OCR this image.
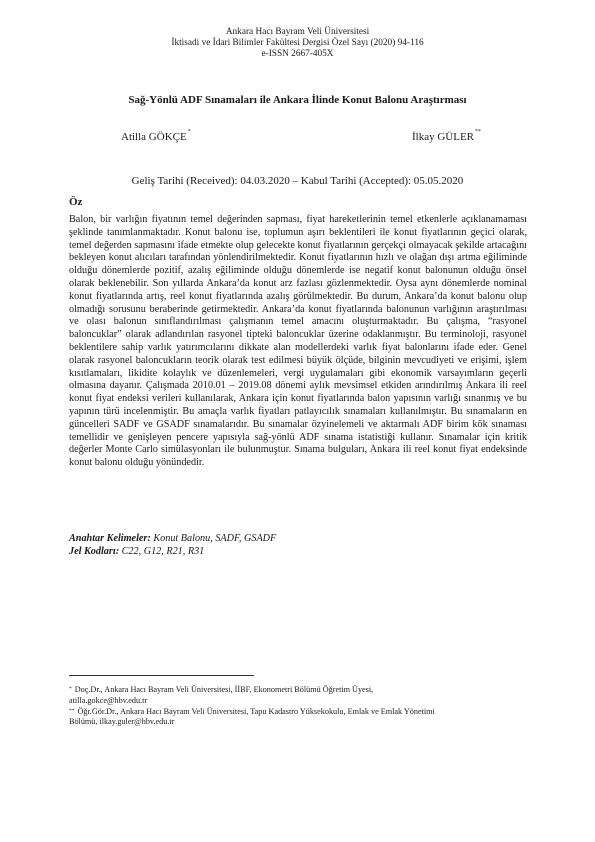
Ankara Hacı Bayram Veli Üniversitesi
İktisadi ve İdari Bilimler Fakültesi Dergisi Özel Sayı (2020) 94-116
e-ISSN 2667-405X
Sağ-Yönlü ADF Sınamaları ile Ankara İlinde Konut Balonu Araştırması
Atilla GÖKÇE*	İlkay GÜLER**
Geliş Tarihi (Received): 04.03.2020 – Kabul Tarihi (Accepted): 05.05.2020
Öz
Balon, bir varlığın fiyatının temel değerinden sapması, fiyat hareketlerinin temel etkenlerle açıklanamaması şeklinde tanımlanmaktadır. Konut balonu ise, toplumun aşırı beklentileri ile konut fiyatlarının geçici olarak, temel değerden sapmasını ifade etmekte olup gelecekte konut fiyatlarının gerçekçi olmayacak şekilde artacağını bekleyen konut alıcıları tarafından yönlendirilmektedir. Konut fiyatlarının hızlı ve olağan dışı artma eğiliminde olduğu dönemlerde pozitif, azalış eğiliminde olduğu dönemlerde ise negatif konut balonunun olduğu önsel olarak beklenebilir. Son yıllarda Ankara’da konut arz fazlası gözlenmektedir. Oysa aynı dönemlerde nominal konut fiyatlarında artış, reel konut fiyatlarında azalış görülmektedir. Bu durum, Ankara’da konut balonu olup olmadığı sorusunu beraberinde getirmektedir. Ankara’da konut fiyatlarında balonunun varlığının araştırılması ve olası balonun sınıflandırılması çalışmanın temel amacını oluşturmaktadır. Bu çalışma, “rasyonel baloncuklar” olarak adlandırılan rasyonel tipteki baloncuklar üzerine odaklanmıştır. Bu terminoloji, rasyonel beklentilere sahip varlık yatırımcılarını dikkate alan modellerdeki varlık fiyat balonlarını ifade eder. Genel olarak rasyonel baloncukların teorik olarak test edilmesi büyük ölçüde, bilginin mevcudiyeti ve erişimi, işlem kısıtlamaları, likidite kolaylık ve düzenlemeleri, vergi uygulamaları gibi ekonomik varsayımların geçerli olmasına dayanır. Çalışmada 2010.01 – 2019.08 dönemi aylık mevsimsel etkiden arındırılmış Ankara ili reel konut fiyat endeksi verileri kullanılarak, Ankara için konut fiyatlarında balon yapısının varlığı sınanmış ve bu yapının türü incelenmiştir. Bu amaçla varlık fiyatları patlayıcılık sınamaları kullanılmıştır. Bu sınamaların en güncelleri SADF ve GSADF sınamalarıdır. Bu sınamalar özyinelemeli ve aktarmalı ADF birim kök sınaması temellidir ve genişleyen pencere yapısıyla sağ-yönlü ADF sınama istatistiği kullanır. Sınamalar için kritik değerler Monte Carlo simülasyonları ile bulunmuştur. Sınama bulguları, Ankara ili reel konut fiyat endeksinde konut balonu olduğu yönündedir.
Anahtar Kelimeler: Konut Balonu, SADF, GSADF
Jel Kodları: C22, G12, R21, R31
* Doç.Dr., Ankara Hacı Bayram Veli Üniversitesi, İİBF, Ekonometri Bölümü Öğretim Üyesi,
atilla.gokce@hbv.edu.tr
** Öğr.Gör.Dr., Ankara Hacı Bayram Veli Üniversitesi, Tapu Kadastro Yüksekokulu, Emlak ve Emlak Yönetimi
Bölümü, ilkay.guler@hbv.edu.tr
